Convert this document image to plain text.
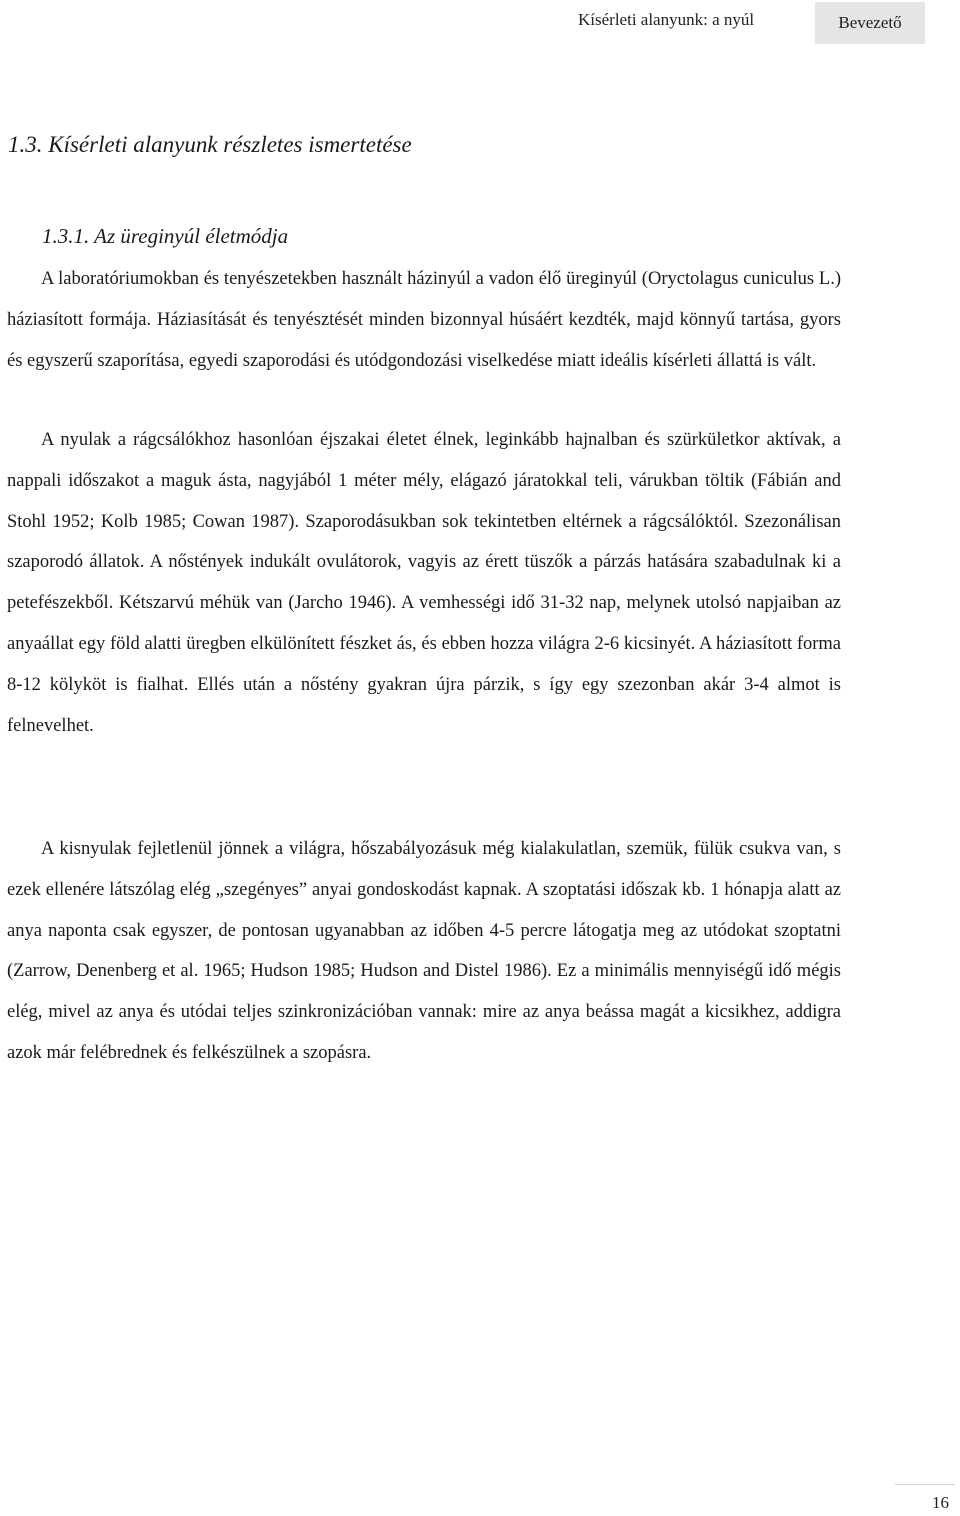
Kísérleti alanyunk: a nyúl	Bevezető
1.3. Kísérleti alanyunk részletes ismertetése
1.3.1. Az üreginyúl életmódja

A laboratóriumokban és tenyészetekben használt házinyúl a vadon élő üreginyúl (Oryctolagus cuniculus L.) háziasított formája. Háziasítását és tenyésztését minden bizonnyal húsáért kezdték, majd könnyű tartása, gyors és egyszerű szaporítása, egyedi szaporodási és utódgondozási viselkedése miatt ideális kísérleti állattá is vált.

A nyulak a rágcsálókhoz hasonlóan éjszakai életet élnek, leginkább hajnalban és szürkületkor aktívak, a nappali időszakot a maguk ásta, nagyjából 1 méter mély, elágazó járatokkal teli, várukban töltik (Fábián and Stohl 1952; Kolb 1985; Cowan 1987). Szaporodásukban sok tekintetben eltérnek a rágcsálóktól. Szezonálisan szaporodó állatok. A nőstények indukált ovulátorok, vagyis az érett tüszők a párzás hatására szabadulnak ki a petefészekből. Kétszarvú méhük van (Jarcho 1946). A vemhességi idő 31-32 nap, melynek utolsó napjaiban az anyaállat egy föld alatti üregben elkülönített fészket ás, és ebben hozza világra 2-6 kicsinyét. A háziasított forma 8-12 kölyköt is fialhat. Ellés után a nőstény gyakran újra párzik, s így egy szezonban akár 3-4 almot is felnevelhet.

A kisnyulak fejletlenül jönnek a világra, hőszabályozásuk még kialakulatlan, szemük, fülük csukva van, s ezek ellenére látszólag elég „szegényes” anyai gondoskodást kapnak. A szoptatási időszak kb. 1 hónapja alatt az anya naponta csak egyszer, de pontosan ugyanabban az időben 4-5 percre látogatja meg az utódokat szoptatni (Zarrow, Denenberg et al. 1965; Hudson 1985; Hudson and Distel 1986). Ez a minimális mennyiségű idő mégis elég, mivel az anya és utódai teljes szinkronizációban vannak: mire az anya beássa magát a kicsikhez, addigra azok már felébrednek és felkészülnek a szopásra.

16
